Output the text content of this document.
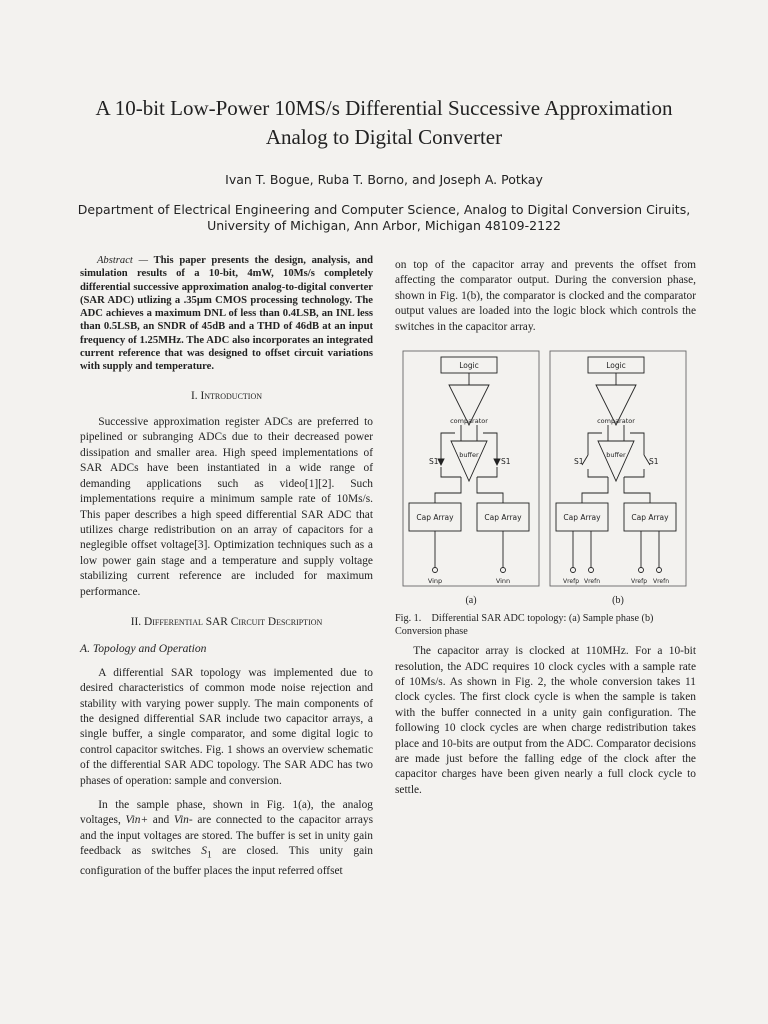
A 10-bit Low-Power 10MS/s Differential Successive Approximation
Analog to Digital Converter
Ivan T. Bogue, Ruba T. Borno, and Joseph A. Potkay
Department of Electrical Engineering and Computer Science, Analog to Digital Conversion Ciruits,
University of Michigan, Ann Arbor, Michigan 48109-2122

Abstract — This paper presents the design, analysis, and simulation results of a 10-bit, 4mW, 10Ms/s completely differential successive approximation analog-to-digital converter (SAR ADC) utlizing a .35µm CMOS processing technology. The ADC achieves a maximum DNL of less than 0.4LSB, an INL less than 0.5LSB, an SNDR of 45dB and a THD of 46dB at an input frequency of 1.25MHz. The ADC also incorporates an integrated current reference that was designed to offset circuit variations with supply and temperature.

I. Introduction

Successive approximation register ADCs are preferred to pipelined or subranging ADCs due to their decreased power dissipation and smaller area. High speed implementations of SAR ADCs have been instantiated in a wide range of demanding applications such as video[1][2]. Such implementations require a minimum sample rate of 10Ms/s. This paper describes a high speed differential SAR ADC that utilizes charge redistribution on an array of capacitors for a neglegible offset voltage[3]. Optimization techniques such as a low power gain stage and a temperature and supply voltage stabilizing current reference are included for maximum performance.

II. Differential SAR Circuit Description
A. Topology and Operation

A differential SAR topology was implemented due to desired characteristics of common mode noise rejection and stability with varying power supply. The main components of the designed differential SAR include two capacitor arrays, a single buffer, a single comparator, and some digital logic to control capacitor switches. Fig. 1 shows an overview schematic of the differential SAR ADC topology. The SAR ADC has two phases of operation: sample and conversion.

In the sample phase, shown in Fig. 1(a), the analog voltages, Vin+ and Vin- are connected to the capacitor arrays and the input voltages are stored. The buffer is set in unity gain feedback as switches $S_1$ are closed. This unity gain configuration of the buffer places the input referred offset

on top of the capacitor array and prevents the offset from affecting the comparator output. During the conversion phase, shown in Fig. 1(b), the comparator is clocked and the comparator output values are loaded into the logic block which controls the switches in the capacitor array.

Logic
comparator
buffer
S1	S1
Cap Array	Cap Array
Vinp	Vinn
Logic
comparator
buffer
S1	S1
Cap Array	Cap Array
Vrefp Vrefn	Vrefp Vrefn
(a)	(b)

Fig. 1. Differential SAR ADC topology: (a) Sample phase (b) Conversion phase

The capacitor array is clocked at 110MHz. For a 10-bit resolution, the ADC requires 10 clock cycles with a sample rate of 10Ms/s. As shown in Fig. 2, the whole conversion takes 11 clock cycles. The first clock cycle is when the sample is taken with the buffer connected in a unity gain configuration. The following 10 clock cycles are when charge redistribution takes place and 10-bits are output from the ADC. Comparator decisions are made just before the falling edge of the clock after the capacitor charges have been given nearly a full clock cycle to settle.
